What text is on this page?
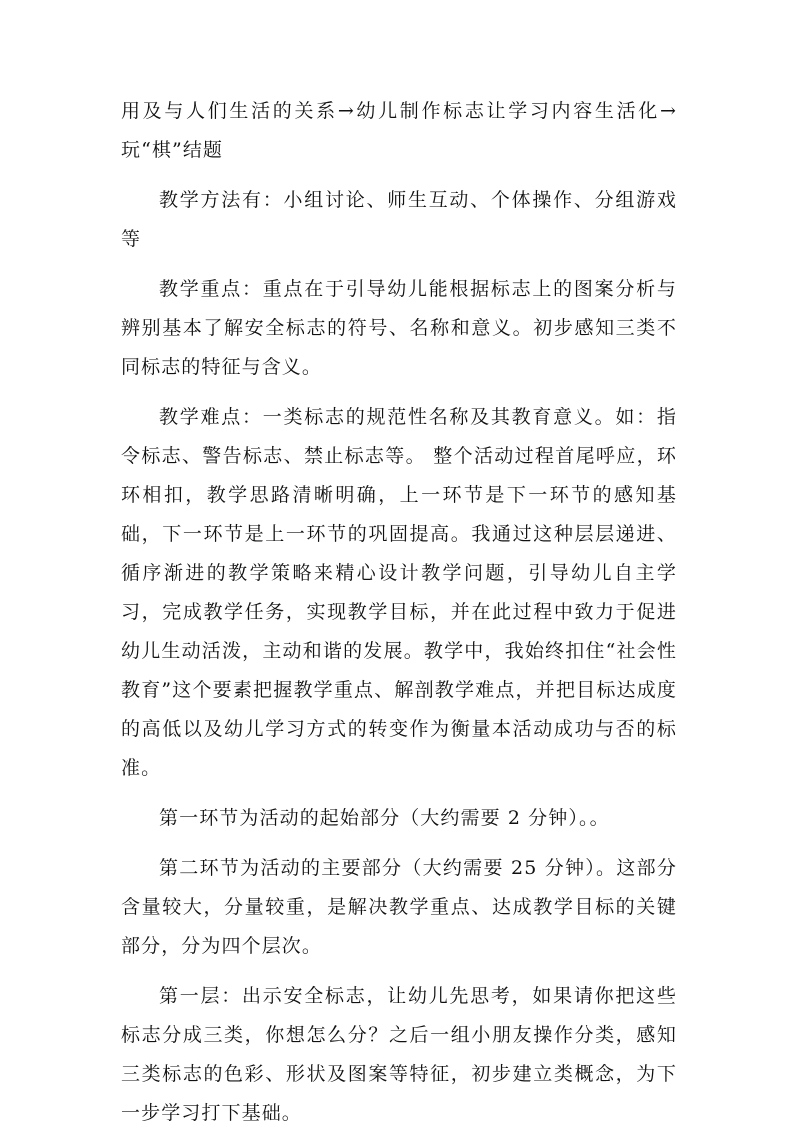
用及与人们生活的关系→幼儿制作标志让学习内容生活化→玩“棋”结题

教学方法有：小组讨论、师生互动、个体操作、分组游戏等

教学重点：重点在于引导幼儿能根据标志上的图案分析与辨别基本了解安全标志的符号、名称和意义。初步感知三类不同标志的特征与含义。

教学难点：一类标志的规范性名称及其教育意义。如：指令标志、警告标志、禁止标志等。 整个活动过程首尾呼应，环环相扣，教学思路清晰明确，上一环节是下一环节的感知基础，下一环节是上一环节的巩固提高。我通过这种层层递进、循序渐进的教学策略来精心设计教学问题，引导幼儿自主学习，完成教学任务，实现教学目标，并在此过程中致力于促进幼儿生动活泼，主动和谐的发展。教学中，我始终扣住“社会性教育”这个要素把握教学重点、解剖教学难点，并把目标达成度的高低以及幼儿学习方式的转变作为衡量本活动成功与否的标准。

第一环节为活动的起始部分（大约需要 2 分钟）。。

第二环节为活动的主要部分（大约需要 25 分钟）。这部分含量较大，分量较重，是解决教学重点、达成教学目标的关键部分，分为四个层次。

第一层：出示安全标志，让幼儿先思考，如果请你把这些标志分成三类，你想怎么分？之后一组小朋友操作分类，感知三类标志的色彩、形状及图案等特征，初步建立类概念，为下一步学习打下基础。
